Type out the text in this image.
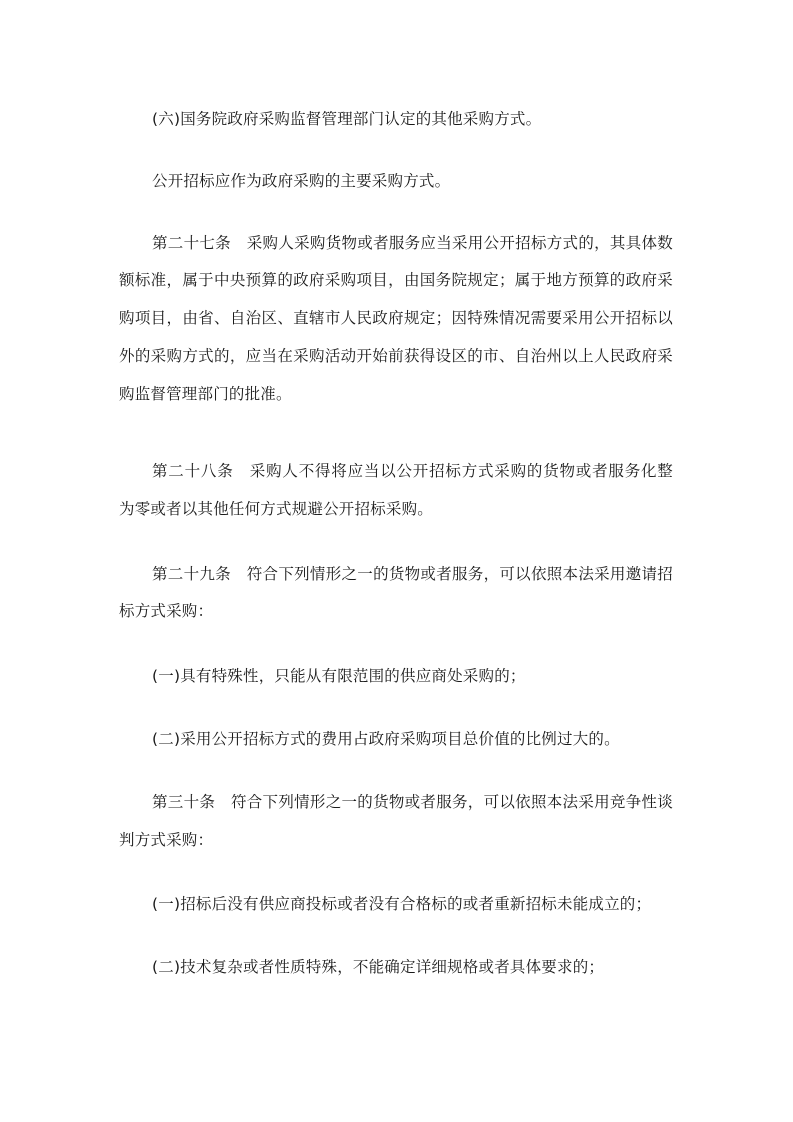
(六)国务院政府采购监督管理部门认定的其他采购方式。
公开招标应作为政府采购的主要采购方式。
第二十七条　采购人采购货物或者服务应当采用公开招标方式的，其具体数
额标准，属于中央预算的政府采购项目，由国务院规定；属于地方预算的政府采
购项目，由省、自治区、直辖市人民政府规定；因特殊情况需要采用公开招标以
外的采购方式的，应当在采购活动开始前获得设区的市、自治州以上人民政府采
购监督管理部门的批准。
第二十八条　采购人不得将应当以公开招标方式采购的货物或者服务化整
为零或者以其他任何方式规避公开招标采购。
第二十九条　符合下列情形之一的货物或者服务，可以依照本法采用邀请招
标方式采购：
(一)具有特殊性，只能从有限范围的供应商处采购的；
(二)采用公开招标方式的费用占政府采购项目总价值的比例过大的。
第三十条　符合下列情形之一的货物或者服务，可以依照本法采用竞争性谈
判方式采购：
(一)招标后没有供应商投标或者没有合格标的或者重新招标未能成立的；
(二)技术复杂或者性质特殊，不能确定详细规格或者具体要求的；
